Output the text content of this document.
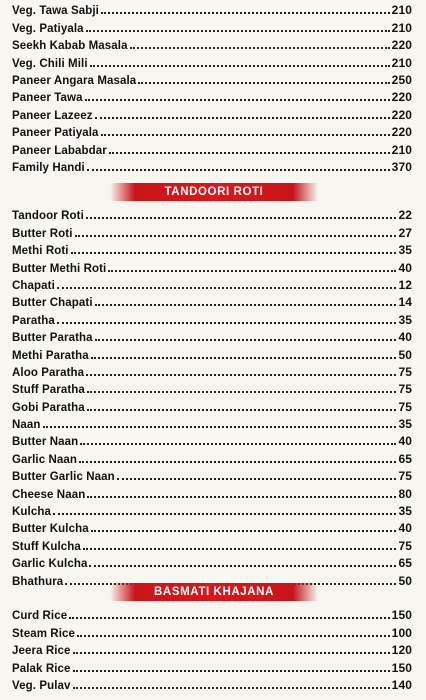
Veg. Tawa Sabji	210
Veg. Patiyala	210
Seekh Kabab Masala	220
Veg. Chili Mili	210
Paneer Angara Masala	250
Paneer Tawa	220
Paneer Lazeez	220
Paneer Patiyala	220
Paneer Lababdar	210
Family Handi	370
TANDOORI ROTI
Tandoor Roti	22
Butter Roti	27
Methi Roti	35
Butter Methi Roti	40
Chapati	12
Butter Chapati	14
Paratha	35
Butter Paratha	40
Methi Paratha	50
Aloo Paratha	75
Stuff Paratha	75
Gobi Paratha	75
Naan	35
Butter Naan	40
Garlic Naan	65
Butter Garlic Naan	75
Cheese Naan	80
Kulcha	35
Butter Kulcha	40
Stuff Kulcha	75
Garlic Kulcha	65
Bhathura	50
BASMATI KHAJANA
Curd Rice	150
Steam Rice	100
Jeera Rice	120
Palak Rice	150
Veg. Pulav	140
